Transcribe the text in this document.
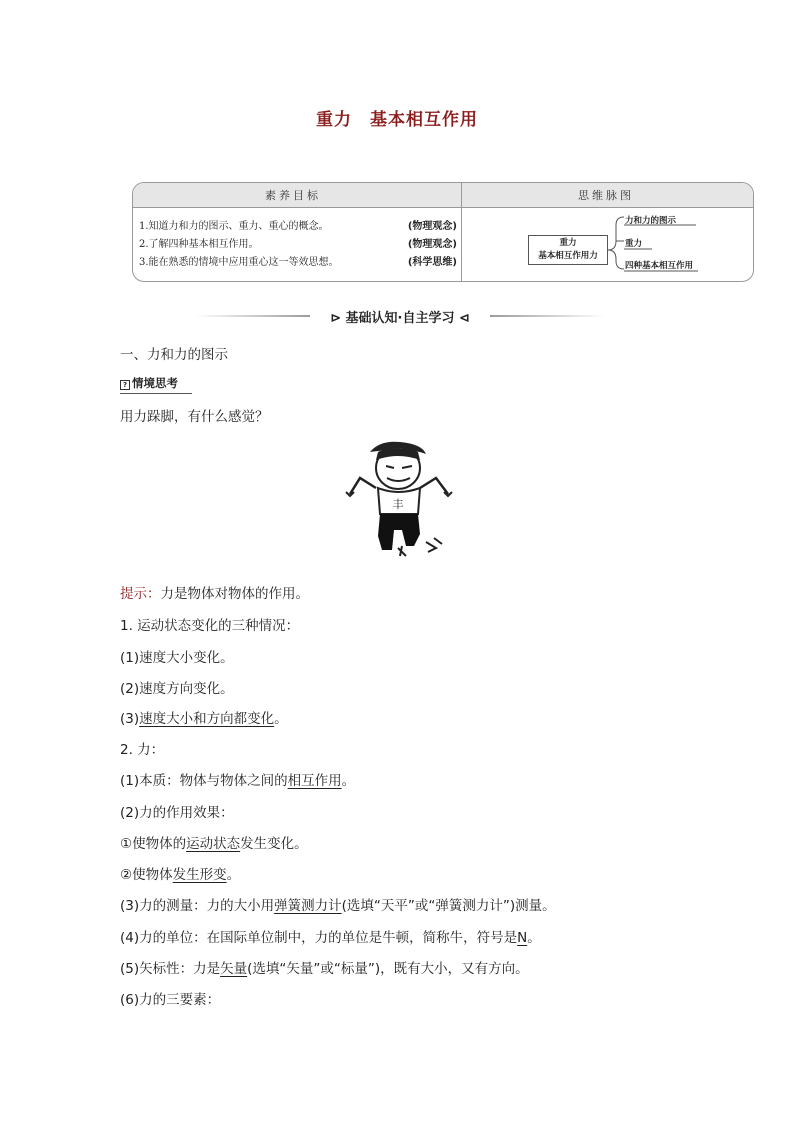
重力 基本相互作用
素养目标	思维脉图
1.知道力和力的图示、重力、重心的概念。	(物理观念)
2.了解四种基本相互作用。	(物理观念)
3.能在熟悉的情境中应用重心这一等效思想。	(科学思维)
重力
基本相互作用力
力和力的图示
重力
四种基本相互作用
⊳ 基础认知·自主学习 ⊲
一、力和力的图示
? 情境思考
用力跺脚，有什么感觉？
丰
提示：力是物体对物体的作用。
1. 运动状态变化的三种情况：
(1)速度大小变化。
(2)速度方向变化。
(3)速度大小和方向都变化。
2. 力：
(1)本质：物体与物体之间的相互作用。
(2)力的作用效果：
①使物体的运动状态发生变化。
②使物体发生形变。
(3)力的测量：力的大小用弹簧测力计(选填“天平”或“弹簧测力计”)测量。
(4)力的单位：在国际单位制中，力的单位是牛顿，简称牛，符号是N。
(5)矢标性：力是矢量(选填“矢量”或“标量”)，既有大小，又有方向。
(6)力的三要素：
